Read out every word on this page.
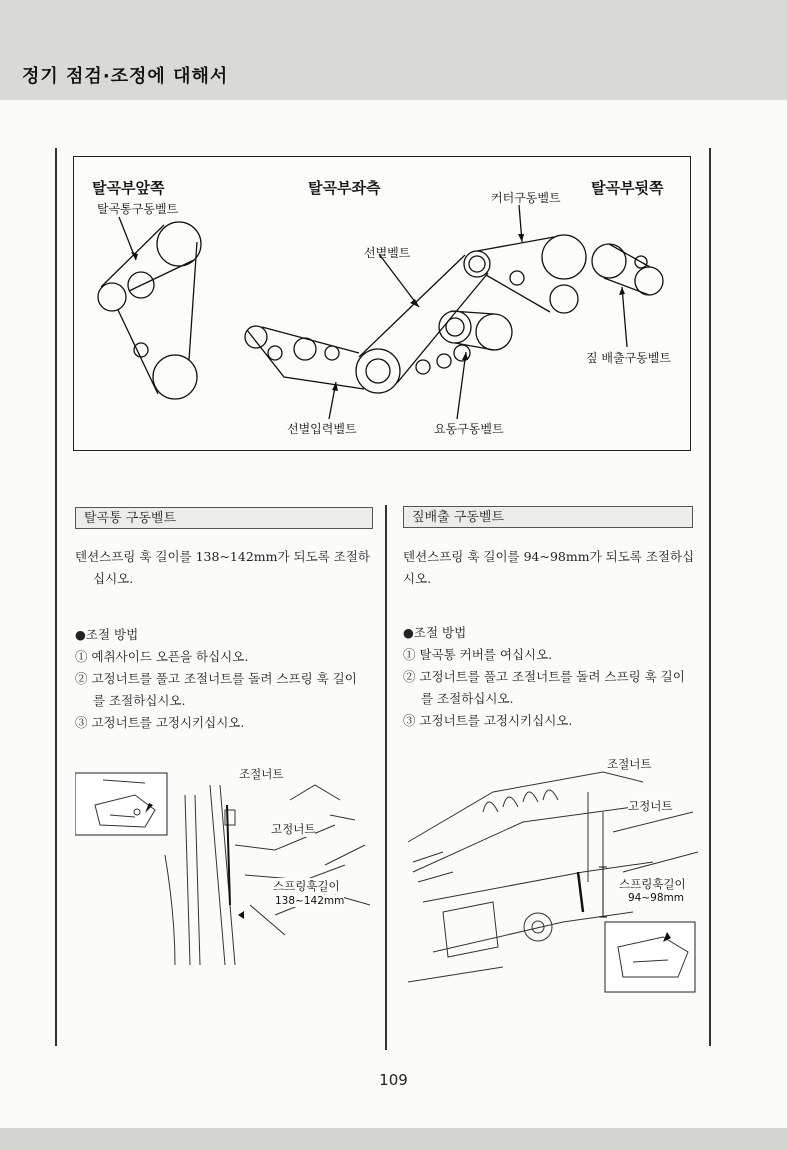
정기 점검·조정에 대해서
탈곡부앞쪽	탈곡부좌측	탈곡부뒷쪽
탈곡통구동벨트
커터구동벨트
선별벨트
짚 배출구동벨트
선별입력벨트	요동구동벨트
탈곡통 구동벨트

텐션스프링 훅 길이를 138~142mm가 되도록 조절하

십시오.

●조절 방법

① 예취사이드 오픈을 하십시오.

② 고정너트를 풀고 조절너트를 돌려 스프링 훅 길이

를 조절하십시오.

③ 고정너트를 고정시키십시오.

조절너트
고정너트
스프링훅길이
138~142mm
짚배출 구동벨트

텐션스프링 훅 길이를 94~98mm가 되도록 조절하십

시오.

●조절 방법

① 탈곡통 커버를 여십시오.

② 고정너트를 풀고 조절너트를 돌려 스프링 훅 길이

를 조절하십시오.

③ 고정너트를 고정시키십시오.

조절너트
고정너트
스프링훅길이
94~98mm
109
